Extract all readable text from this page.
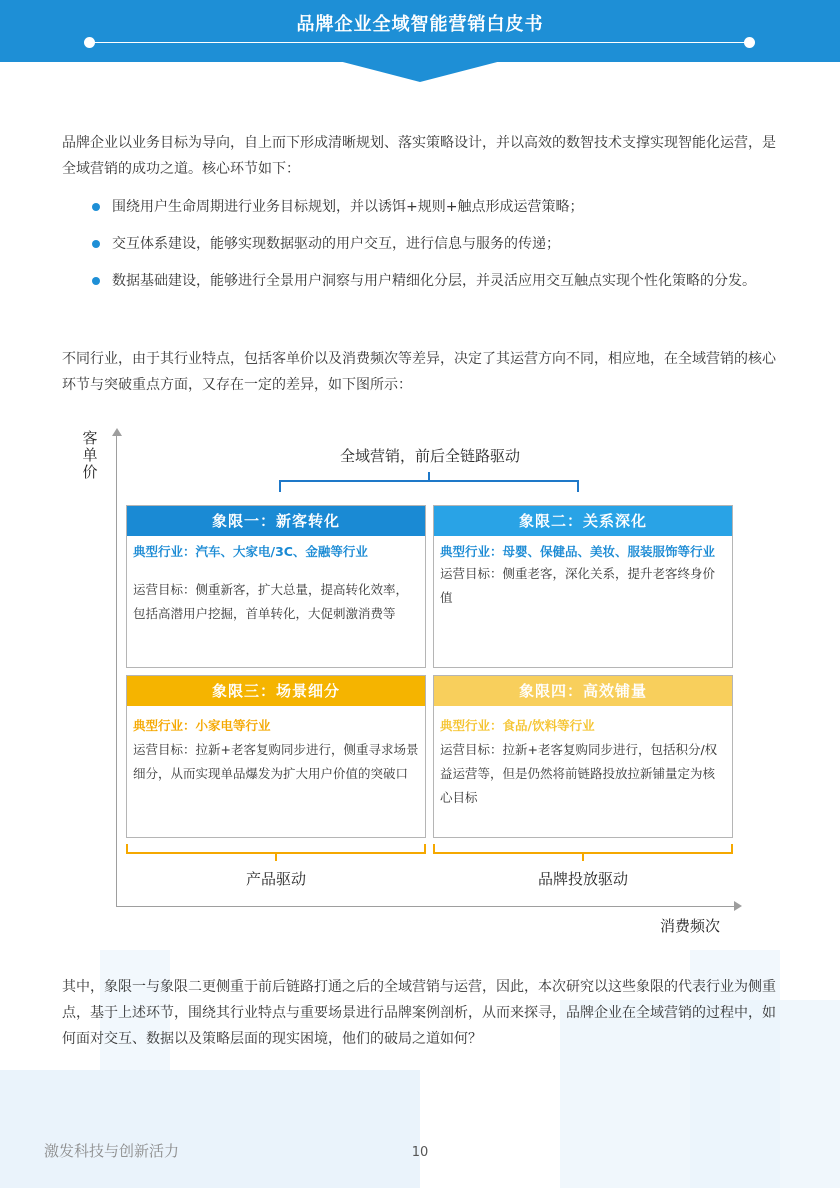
品牌企业全域智能营销白皮书

品牌企业以业务目标为导向，自上而下形成清晰规划、落实策略设计，并以高效的数智技术支撑实现智能化运营，是全域营销的成功之道。核心环节如下：

围绕用户生命周期进行业务目标规划，并以诱饵+规则+触点形成运营策略；
交互体系建设，能够实现数据驱动的用户交互，进行信息与服务的传递；
数据基础建设，能够进行全景用户洞察与用户精细化分层，并灵活应用交互触点实现个性化策略的分发。

不同行业，由于其行业特点，包括客单价以及消费频次等差异，决定了其运营方向不同，相应地，在全域营销的核心环节与突破重点方面，又存在一定的差异，如下图所示：

客单价
消费频次
全域营销，前后全链路驱动
象限一：新客转化
典型行业：汽车、大家电/3C、金融等行业
运营目标：侧重新客，扩大总量，提高转化效率，包括高潜用户挖掘，首单转化，大促刺激消费等
象限二：关系深化
典型行业：母婴、保健品、美妆、服装服饰等行业
运营目标：侧重老客，深化关系，提升老客终身价值
象限三：场景细分
典型行业：小家电等行业
运营目标：拉新+老客复购同步进行，侧重寻求场景细分，从而实现单品爆发为扩大用户价值的突破口
象限四：高效铺量
典型行业：食品/饮料等行业
运营目标：拉新+老客复购同步进行，包括积分/权益运营等，但是仍然将前链路投放拉新铺量定为核心目标
产品驱动	品牌投放驱动

其中，象限一与象限二更侧重于前后链路打通之后的全域营销与运营，因此，本次研究以这些象限的代表行业为侧重点，基于上述环节，围绕其行业特点与重要场景进行品牌案例剖析，从而来探寻，品牌企业在全域营销的过程中，如何面对交互、数据以及策略层面的现实困境，他们的破局之道如何？

激发科技与创新活力	10
